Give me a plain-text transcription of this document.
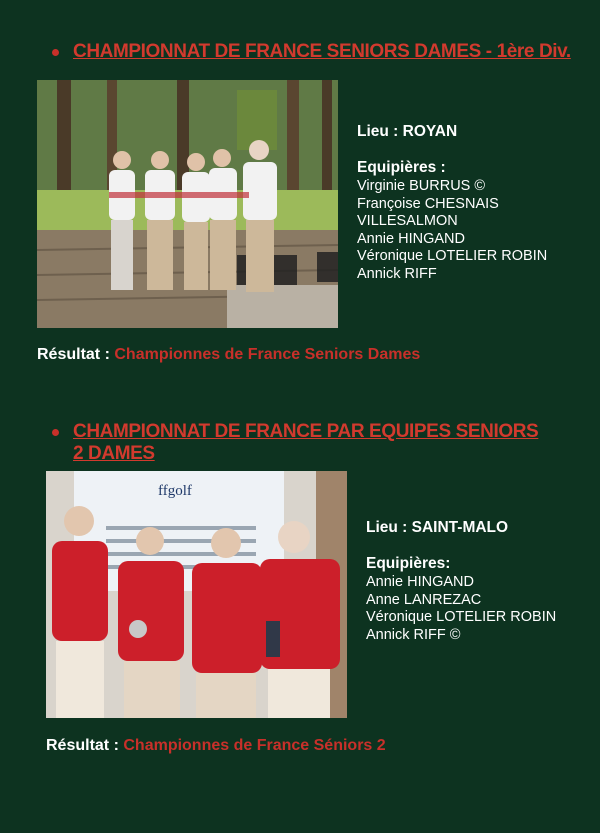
CHAMPIONNAT DE FRANCE SENIORS DAMES - 1ère Div.
Lieu : ROYAN
Equipières :
Virginie BURRUS ©
Françoise CHESNAIS
VILLESALMON
Annie HINGAND
Véronique LOTELIER ROBIN
Annick RIFF
Résultat : Championnes de France Seniors Dames
CHAMPIONNAT DE FRANCE PAR EQUIPES SENIORS 2 DAMES
ffgolf
Lieu : SAINT-MALO
Equipières:
Annie HINGAND
Anne LANREZAC
Véronique LOTELIER ROBIN
Annick RIFF ©
Résultat : Championnes de France Séniors 2
